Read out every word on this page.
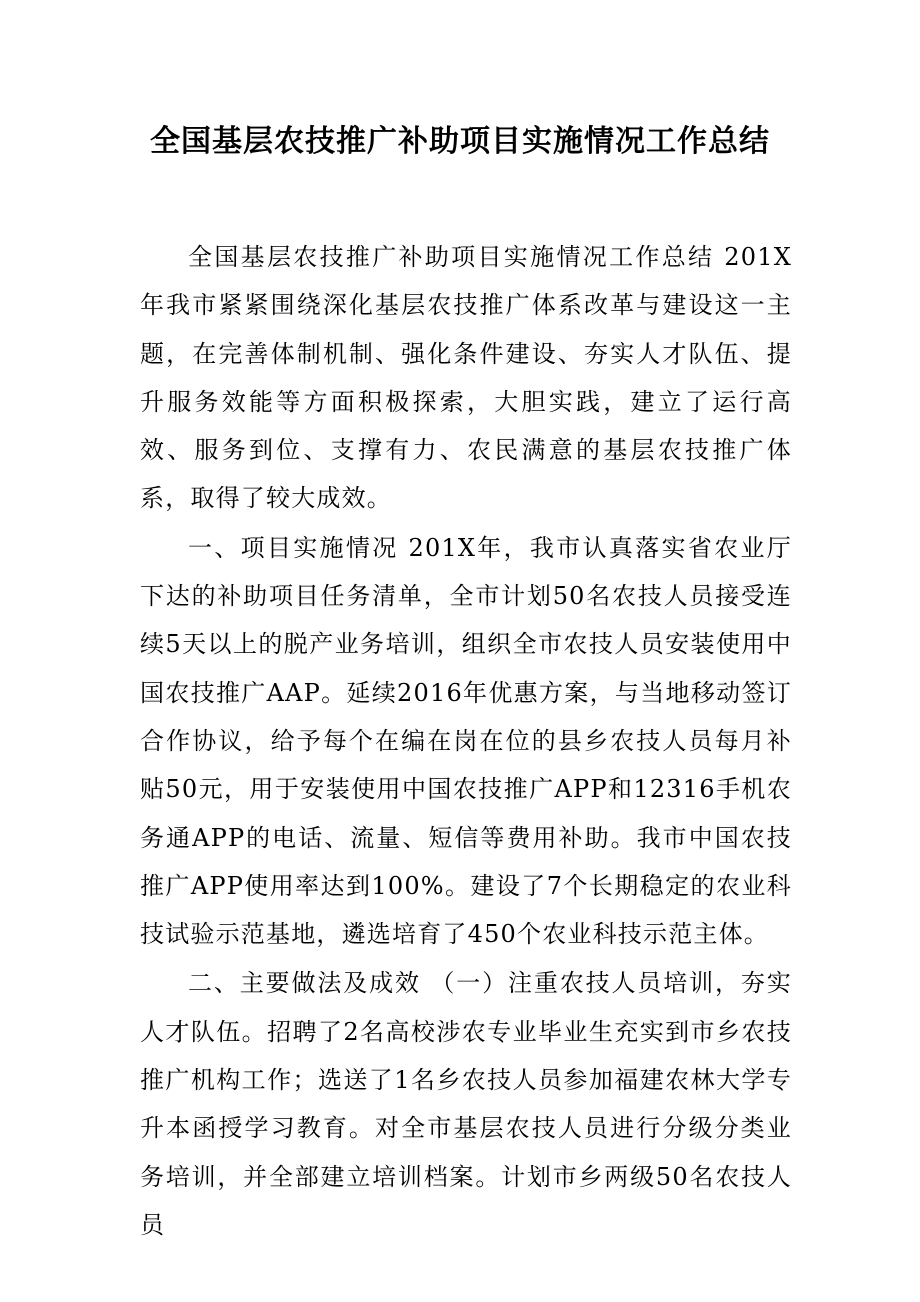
全国基层农技推广补助项目实施情况工作总结

全国基层农技推广补助项目实施情况工作总结 201X年我市紧紧围绕深化基层农技推广体系改革与建设这一主题，在完善体制机制、强化条件建设、夯实人才队伍、提升服务效能等方面积极探索，大胆实践，建立了运行高效、服务到位、支撑有力、农民满意的基层农技推广体系，取得了较大成效。

一、项目实施情况 201X年，我市认真落实省农业厅下达的补助项目任务清单，全市计划50名农技人员接受连续5天以上的脱产业务培训，组织全市农技人员安装使用中国农技推广AAP。延续2016年优惠方案，与当地移动签订合作协议，给予每个在编在岗在位的县乡农技人员每月补贴50元，用于安装使用中国农技推广APP和12316手机农务通APP的电话、流量、短信等费用补助。我市中国农技推广APP使用率达到100%。建设了7个长期稳定的农业科技试验示范基地，遴选培育了450个农业科技示范主体。

二、主要做法及成效 （一）注重农技人员培训，夯实人才队伍。招聘了2名高校涉农专业毕业生充实到市乡农技推广机构工作；选送了1名乡农技人员参加福建农林大学专升本函授学习教育。对全市基层农技人员进行分级分类业务培训，并全部建立培训档案。计划市乡两级50名农技人员
